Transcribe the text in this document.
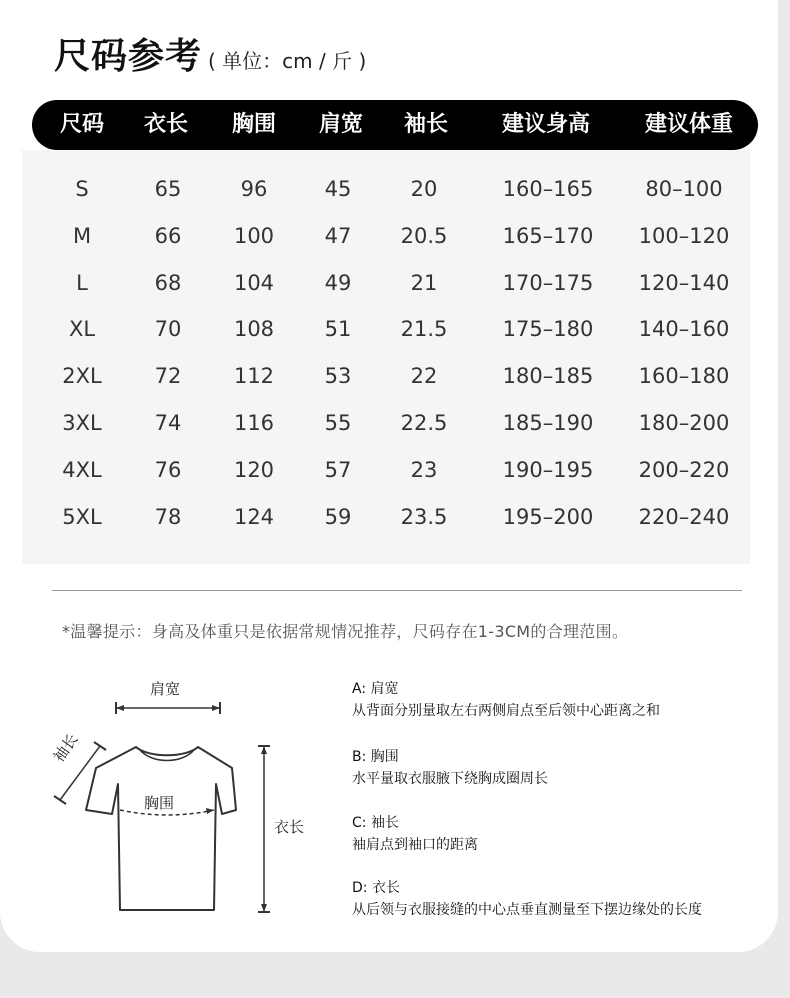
尺码参考 ( 单位：cm / 斤 )
尺码	衣长	胸围	肩宽	袖长	建议身高	建议体重
S	65	96	45	20	160–165	80–100
M	66	100	47	20.5	165–170	100–120
L	68	104	49	21	170–175	120–140
XL	70	108	51	21.5	175–180	140–160
2XL	72	112	53	22	180–185	160–180
3XL	74	116	55	22.5	185–190	180–200
4XL	76	120	57	23	190–195	200–220
5XL	78	124	59	23.5	195–200	220–240
*温馨提示：身高及体重只是依据常规情况推荐，尺码存在1-3CM的合理范围。
肩宽
袖长
胸围
衣长
A: 肩宽
从背面分别量取左右两侧肩点至后领中心距离之和
B: 胸围
水平量取衣服腋下绕胸成圈周长
C: 袖长
袖肩点到袖口的距离
D: 衣长
从后领与衣服接缝的中心点垂直测量至下摆边缘处的长度
